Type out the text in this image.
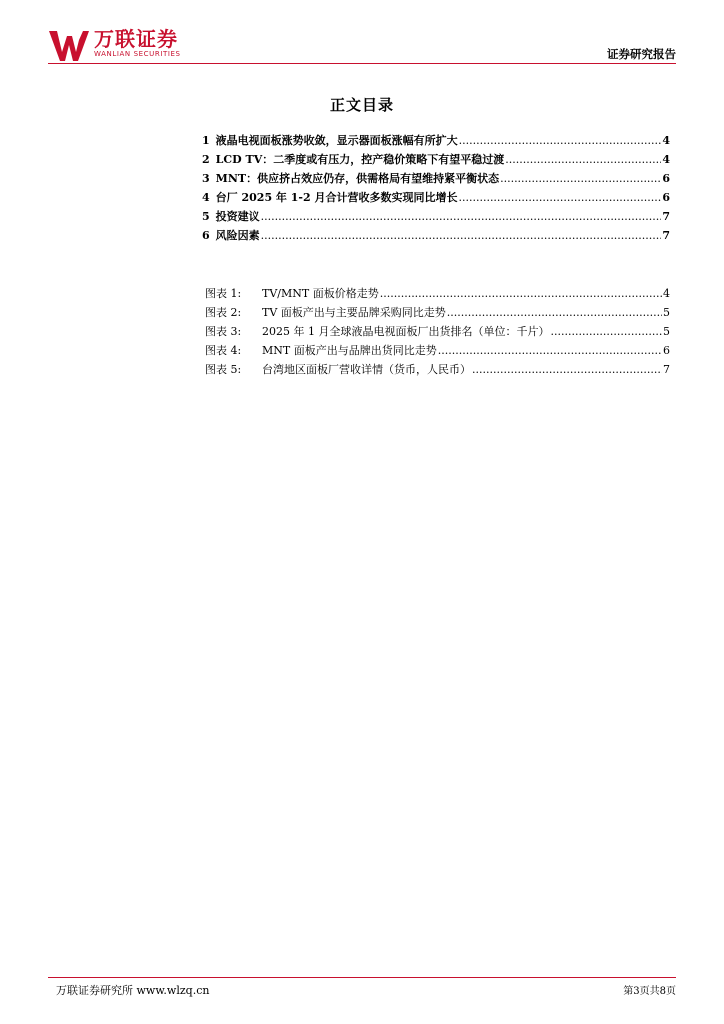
万联证券
WANLIAN SECURITIES	证券研究报告
正文目录
1 液晶电视面板涨势收敛，显示器面板涨幅有所扩大 .....	4
2 LCD TV：二季度或有压力，控产稳价策略下有望平稳过渡 .....	4
3 MNT：供应挤占效应仍存，供需格局有望维持紧平衡状态 .....	6
4 台厂 2025 年 1-2 月合计营收多数实现同比增长 .....	6
5 投资建议 .....	7
6 风险因素 .....	7
图表 1:	TV/MNT 面板价格走势 .....	4
图表 2:	TV 面板产出与主要品牌采购同比走势 .....	5
图表 3:	2025 年 1 月全球液晶电视面板厂出货排名（单位：千片） .....	5
图表 4:	MNT 面板产出与品牌出货同比走势 .....	6
图表 5:	台湾地区面板厂营收详情（货币，人民币） .....	7
万联证券研究所 www.wlzq.cn	第3页共8页
